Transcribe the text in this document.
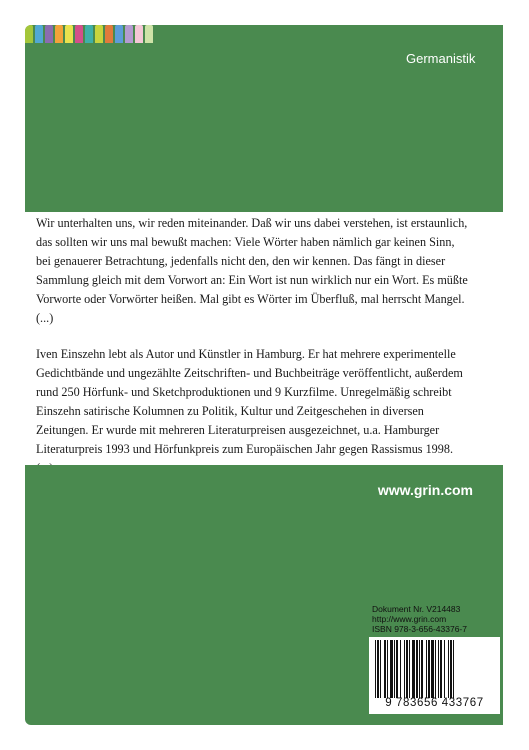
Germanistik

Wir unterhalten uns, wir reden miteinander. Daß wir uns dabei verstehen, ist erstaunlich, das sollten wir uns mal bewußt machen: Viele Wörter haben nämlich gar keinen Sinn, bei genauerer Betrachtung, jedenfalls nicht den, den wir kennen. Das fängt in dieser Sammlung gleich mit dem Vorwort an: Ein Wort ist nun wirklich nur ein Wort. Es müßte Vorworte oder Vorwörter heißen. Mal gibt es Wörter im Überfluß, mal herrscht Mangel. (...)

Iven Einszehn lebt als Autor und Künstler in Hamburg. Er hat mehrere experimentelle Gedichtbände und ungezählte Zeitschriften- und Buchbeiträge veröffentlicht, außerdem rund 250 Hörfunk- und Sketchproduktionen und 9 Kurzfilme. Unregelmäßig schreibt Einszehn satirische Kolumnen zu Politik, Kultur und Zeitgeschehen in diversen Zeitungen. Er wurde mit mehreren Literaturpreisen ausgezeichnet, u.a. Hamburger Literaturpreis 1993 und Hörfunkpreis zum Europäischen Jahr gegen Rassismus 1998.

www.grin.com
Dokument Nr. V214483
http://www.grin.com
ISBN 978-3-656-43376-7
9 783656 433767
